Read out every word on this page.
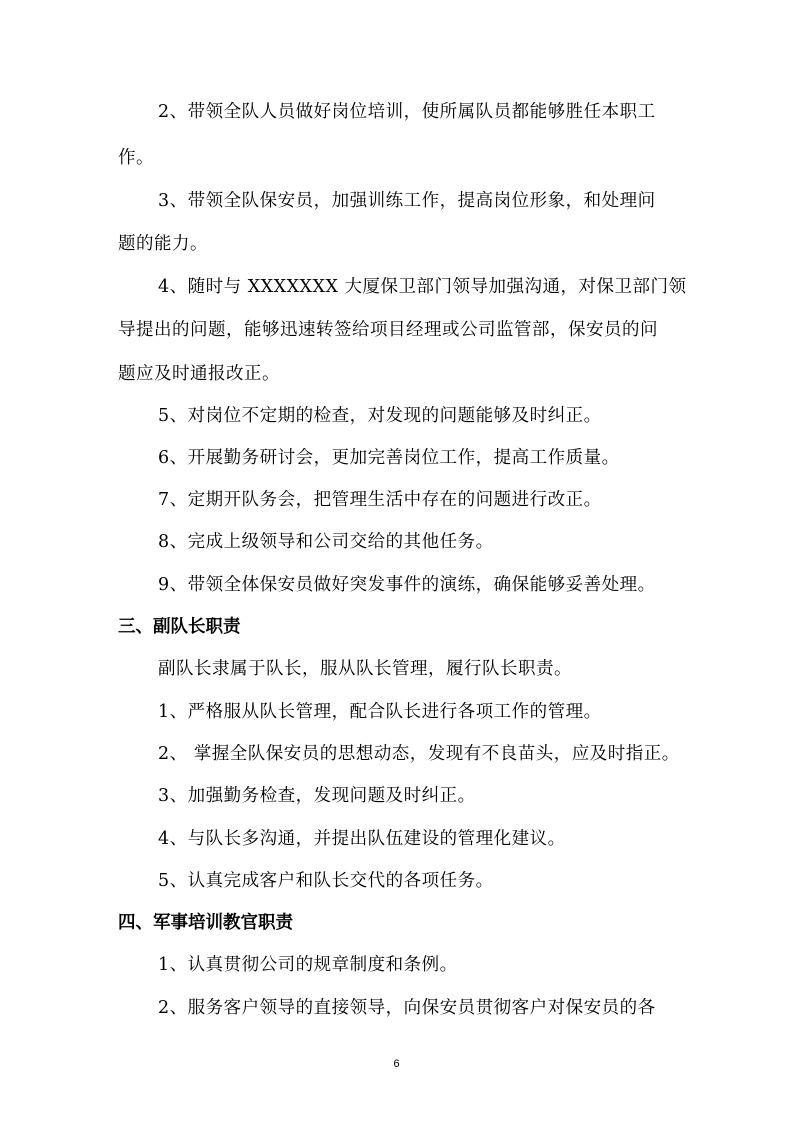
2、带领全队人员做好岗位培训，使所属队员都能够胜任本职工
作。
3、带领全队保安员，加强训练工作，提高岗位形象，和处理问
题的能力。
4、随时与 XXXXXXX 大厦保卫部门领导加强沟通，对保卫部门领
导提出的问题，能够迅速转签给项目经理或公司监管部，保安员的问
题应及时通报改正。
5、对岗位不定期的检查，对发现的问题能够及时纠正。
6、开展勤务研讨会，更加完善岗位工作，提高工作质量。
7、定期开队务会，把管理生活中存在的问题进行改正。
8、完成上级领导和公司交给的其他任务。
9、带领全体保安员做好突发事件的演练，确保能够妥善处理。
三、副队长职责
副队长隶属于队长，服从队长管理，履行队长职责。
1、严格服从队长管理，配合队长进行各项工作的管理。
2、 掌握全队保安员的思想动态，发现有不良苗头，应及时指正。
3、加强勤务检查，发现问题及时纠正。
4、与队长多沟通，并提出队伍建设的管理化建议。
5、认真完成客户和队长交代的各项任务。
四、军事培训教官职责
1、认真贯彻公司的规章制度和条例。
2、服务客户领导的直接领导，向保安员贯彻客户对保安员的各
6
